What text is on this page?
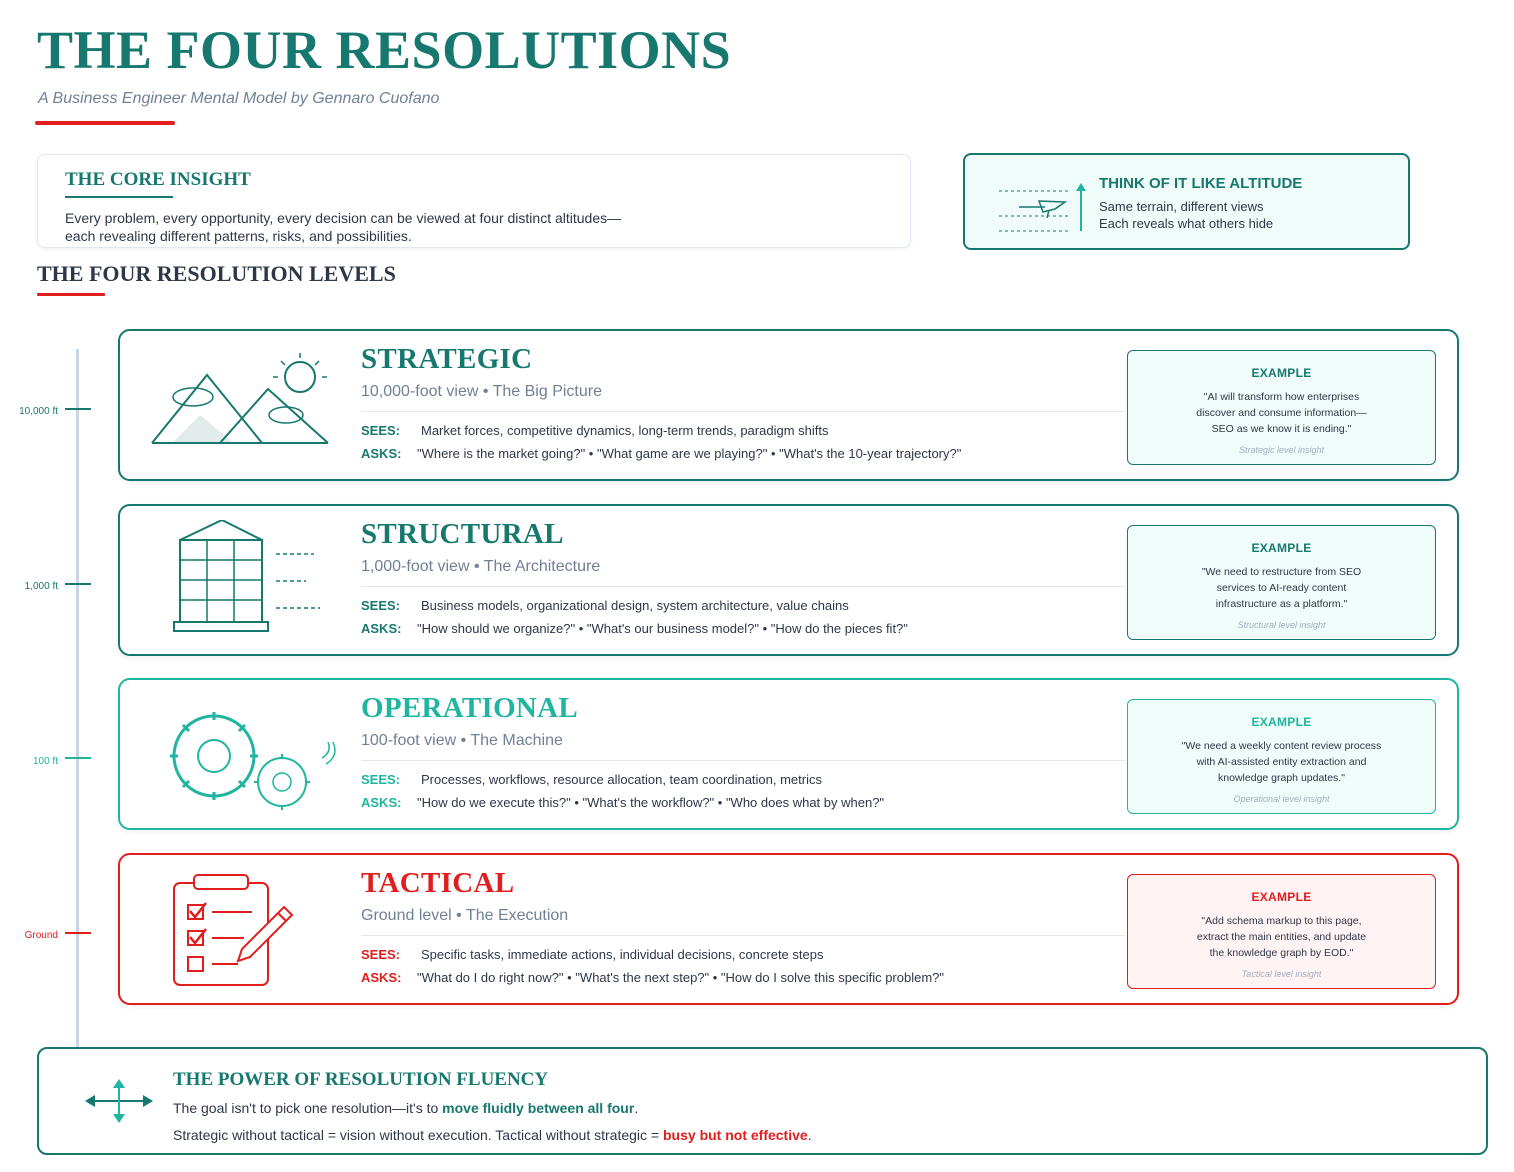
THE FOUR RESOLUTIONS
A Business Engineer Mental Model by Gennaro Cuofano
THE CORE INSIGHT
Every problem, every opportunity, every decision can be viewed at four distinct altitudes—each revealing different patterns, risks, and possibilities.
THINK OF IT LIKE ALTITUDE
Same terrain, different views
Each reveals what others hide
THE FOUR RESOLUTION LEVELS
10,000 ft
1,000 ft
100 ft
Ground
STRATEGIC
10,000-foot view • The Big Picture
SEES: Market forces, competitive dynamics, long-term trends, paradigm shifts
ASKS: "Where is the market going?" • "What game are we playing?" • "What's the 10-year trajectory?"
EXAMPLE
"AI will transform how enterprises discover and consume information—SEO as we know it is ending."
Strategic level insight
STRUCTURAL
1,000-foot view • The Architecture
SEES: Business models, organizational design, system architecture, value chains
ASKS: "How should we organize?" • "What's our business model?" • "How do the pieces fit?"
EXAMPLE
"We need to restructure from SEO services to AI-ready content infrastructure as a platform."
Structural level insight
OPERATIONAL
100-foot view • The Machine
SEES: Processes, workflows, resource allocation, team coordination, metrics
ASKS: "How do we execute this?" • "What's the workflow?" • "Who does what by when?"
EXAMPLE
"We need a weekly content review process with AI-assisted entity extraction and knowledge graph updates."
Operational level insight
TACTICAL
Ground level • The Execution
SEES: Specific tasks, immediate actions, individual decisions, concrete steps
ASKS: "What do I do right now?" • "What's the next step?" • "How do I solve this specific problem?"
EXAMPLE
"Add schema markup to this page, extract the main entities, and update the knowledge graph by EOD."
Tactical level insight
THE POWER OF RESOLUTION FLUENCY
The goal isn't to pick one resolution—it's to move fluidly between all four.
Strategic without tactical = vision without execution. Tactical without strategic = busy but not effective.
